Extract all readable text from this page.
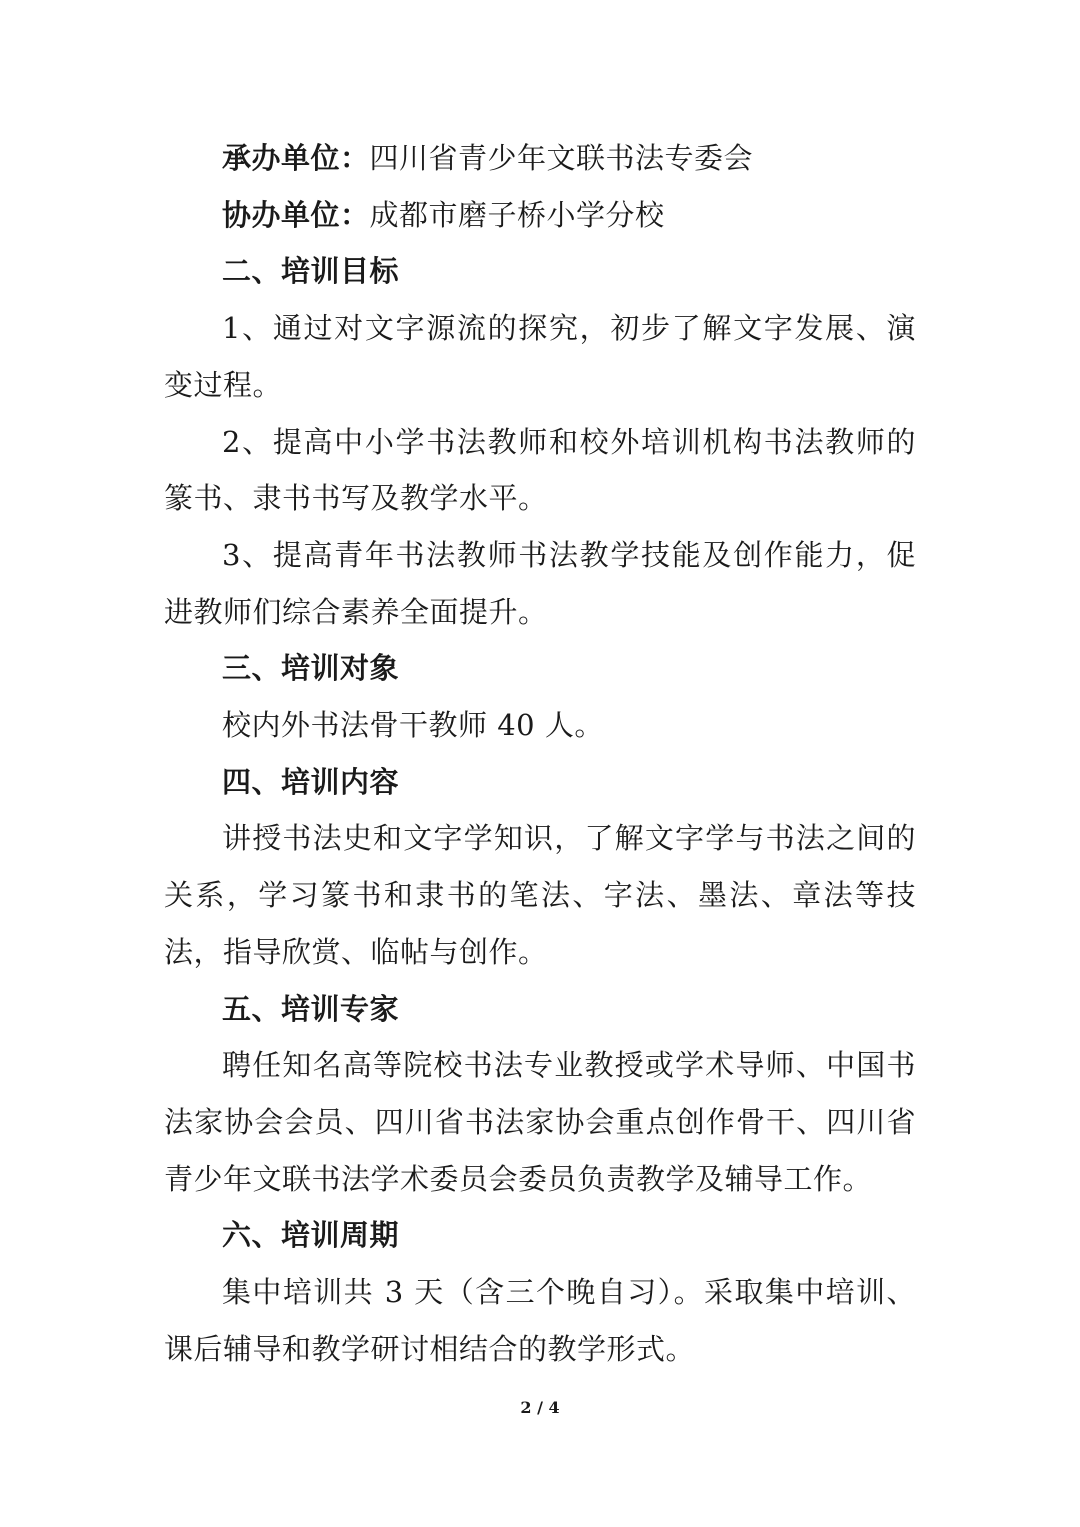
承办单位：四川省青少年文联书法专委会

协办单位：成都市磨子桥小学分校

二、培训目标

1、通过对文字源流的探究，初步了解文字发展、演变过程。

2、提高中小学书法教师和校外培训机构书法教师的篆书、隶书书写及教学水平。

3、提高青年书法教师书法教学技能及创作能力，促进教师们综合素养全面提升。

三、培训对象

校内外书法骨干教师 40 人。

四、培训内容

讲授书法史和文字学知识，了解文字学与书法之间的关系，学习篆书和隶书的笔法、字法、墨法、章法等技法，指导欣赏、临帖与创作。

五、培训专家

聘任知名高等院校书法专业教授或学术导师、中国书法家协会会员、四川省书法家协会重点创作骨干、四川省青少年文联书法学术委员会委员负责教学及辅导工作。

六、培训周期

集中培训共 3 天（含三个晚自习）。采取集中培训、课后辅导和教学研讨相结合的教学形式。

2 / 4
